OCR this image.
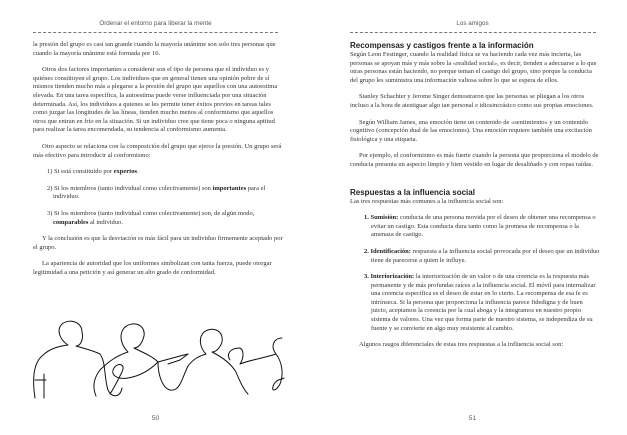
Ordenar el entorno para liberar la mente

la presión del grupo es casi tan grande cuando la mayoría unánime son solo tres personas que cuando la mayoría unánime está formada por 16.

Otros dos factores importantes a considerar son el tipo de persona que el individuo es y quiénes constituyen el grupo. Los individuos que en general tienen una opinión pobre de sí mismos tienden mucho más a plegarse a la presión del grupo que aquellos con una autoestima elevada. En una tarea específica, la autoestima puede verse influenciada por una situación determinada. Así, los individuos a quienes se les permite tener éxitos previos en tareas tales como juzgar las longitudes de las líneas, tienden mucho menos al conformismo que aquellos otros que entran en frío en la situación. Si un individuo cree que tiene poca o ninguna aptitud para realizar la tarea encomendada, su tendencia al conformismo aumenta.

Otro aspecto se relaciona con la composición del grupo que ejerce la presión. Un grupo será más efectivo para introducir al conformismo:

1) Si está constituido por expertos.
2) Si los miembros (tanto individual como colectivamente) son importantes para el individuo.
3) Si los miembros (tanto individual como colectivamente) son, de algún modo, comparables al individuo.

Y la conclusión es que la desviación es más fácil para un individuo firmemente aceptado por el grupo.

La apariencia de autoridad que los uniformes simbolizan con tanta fuerza, puede otorgar legitimidad a una petición y así generar un alto grado de conformidad.

50
Los amigos
Recompensas y castigos frente a la información

Según Leon Festinger, cuando la realidad física se va haciendo cada vez más incierta, las personas se apoyan más y más sobre la «realidad social», es decir, tienden a adecuarse a lo que otras personas están haciendo, no porque teman el castigo del grupo, sino porque la conducta del grupo les suministra una información valiosa sobre lo que se espera de ellos.

Stanley Schachter y Jerome Singer demostraron que las personas se pliegan a los otros incluso a la hora de atestiguar algo tan personal e idiosincrásico como sus propias emociones.

Según William James, una emoción tiene un contenido de «sentimiento» y un contenido cognitivo (concepción dual de las emociones). Una emoción requiere también una excitación fisiológica y una etiqueta.

Por ejemplo, el conformismo es más fuerte cuando la persona que proporciona el modelo de conducta presenta un aspecto limpio y bien vestido en lugar de desaliñado y con ropas raídas.

Respuestas a la influencia social

Las tres respuestas más comunes a la influencia social son:

1. Sumisión: conducta de una persona movida por el deseo de obtener una recompensa o evitar un castigo. Esta conducta dura tanto como la promesa de recompensa o la amenaza de castigo.
2. Identificación: respuesta a la influencia social provocada por el deseo que un individuo tiene de parecerse a quien le influye.
3. Interiorización: la interiorización de un valor o de una creencia es la respuesta más permanente y de más profundas raíces a la influencia social. El móvil para internalizar una creencia específica es el deseo de estar en lo cierto. La recompensa de esa fe es intrínseca. Si la persona que proporciona la influencia parece fidedigna y de buen juicio, aceptamos la creencia por la cual aboga y la integramos en nuestro propio sistema de valores. Una vez que forma parte de nuestro sistema, se independiza de su fuente y se convierte en algo muy resistente al cambio.

Algunos rasgos diferenciales de estas tres respuestas a la influencia social son:

51
